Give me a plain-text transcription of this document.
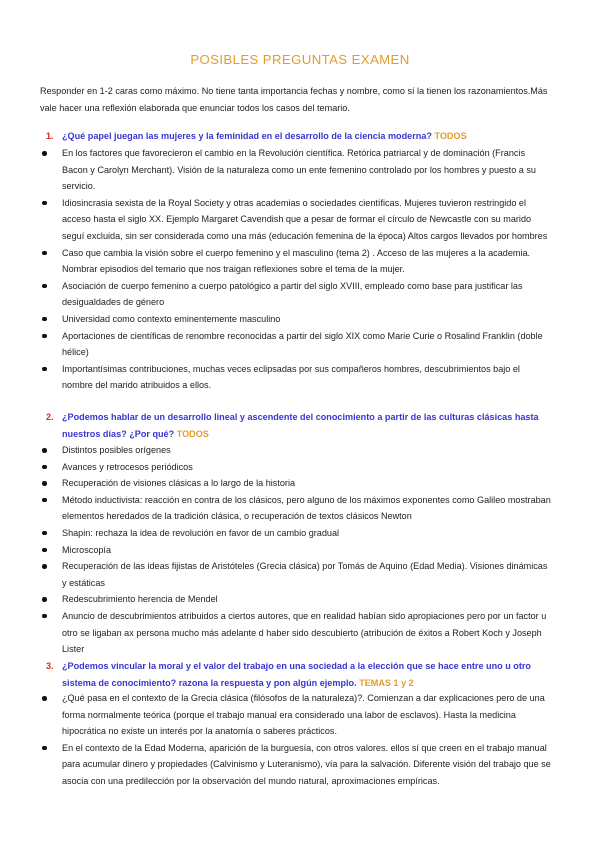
POSIBLES PREGUNTAS EXAMEN
Responder en 1-2 caras como máximo. No tiene tanta importancia fechas y nombre, como sí la tienen los razonamientos.Más vale hacer una reflexión elaborada que enunciar todos los casos del temario.
1. ¿Qué papel juegan las mujeres y la feminidad en el desarrollo de la ciencia moderna? TODOS
En los factores que favorecieron el cambio en la Revolución científica. Retórica patriarcal y de dominación (Francis Bacon y Carolyn Merchant). Visión de la naturaleza como un ente femenino controlado por los hombres y puesto a su servicio.
Idiosincrasia sexista de la Royal Society y otras academias o sociedades científicas. Mujeres tuvieron restringido el acceso hasta el siglo XX. Ejemplo Margaret Cavendish que a pesar de formar el círculo de Newcastle con su marido seguí excluida, sin ser considerada como una más (educación femenina de la época) Altos cargos llevados por hombres
Caso que cambia la visión sobre el cuerpo femenino y el masculino (tema 2) . Acceso de las mujeres a la academia. Nombrar episodios del temario que nos traigan reflexiones sobre el tema de la mujer.
Asociación de cuerpo femenino a cuerpo patológico a partir del siglo XVIII, empleado como base para justificar las desigualdades de género
Universidad como contexto eminentemente masculino
Aportaciones de científicas de renombre reconocidas a partir del siglo XIX como Marie Curie o Rosalind Franklin (doble hélice)
Importantísimas contribuciones, muchas veces eclipsadas por sus compañeros hombres, descubrimientos bajo el nombre del marido atribuidos a ellos.
2. ¿Podemos hablar de un desarrollo lineal y ascendente del conocimiento a partir de las culturas clásicas hasta nuestros días? ¿Por qué? TODOS
Distintos posibles orígenes
Avances y retrocesos periódicos
Recuperación de visiones clásicas a lo largo de la historia
Método inductivista: reacción en contra de los clásicos, pero alguno de los máximos exponentes como Galileo mostraban elementos heredados de la tradición clásica, o recuperación de textos clásicos Newton
Shapin: rechaza la idea de revolución en favor de un cambio gradual
Microscopía
Recuperación de las ideas fijistas de Aristóteles (Grecia clásica) por Tomás de Aquino (Edad Media). Visiones dinámicas y estáticas
Redescubrimiento herencia de Mendel
Anuncio de descubrimientos atribuidos a ciertos autores, que en realidad habían sido apropiaciones pero por un factor u otro se ligaban ax persona mucho más adelante d haber sido descubierto (atribución de éxitos a Robert Koch y Joseph Lister
3. ¿Podemos vincular la moral y el valor del trabajo en una sociedad a la elección que se hace entre uno u otro sistema de conocimiento? razona la respuesta y pon algún ejemplo. TEMAS 1 y 2
¿Qué pasa en el contexto de la Grecia clásica (filósofos de la naturaleza)?. Comienzan a dar explicaciones pero de una forma normalmente teórica (porque el trabajo manual era considerado una labor de esclavos). Hasta la medicina hipocrática no existe un interés por la anatomía o saberes prácticos.
En el contexto de la Edad Moderna, aparición de la burguesía, con otros valores. ellos sí que creen en el trabajo manual para acumular dinero y propiedades (Calvinismo y Luteranismo), vía para la salvación. Diferente visión del trabajo que se asocia con una predilección por la observación del mundo natural, aproximaciones empíricas.
